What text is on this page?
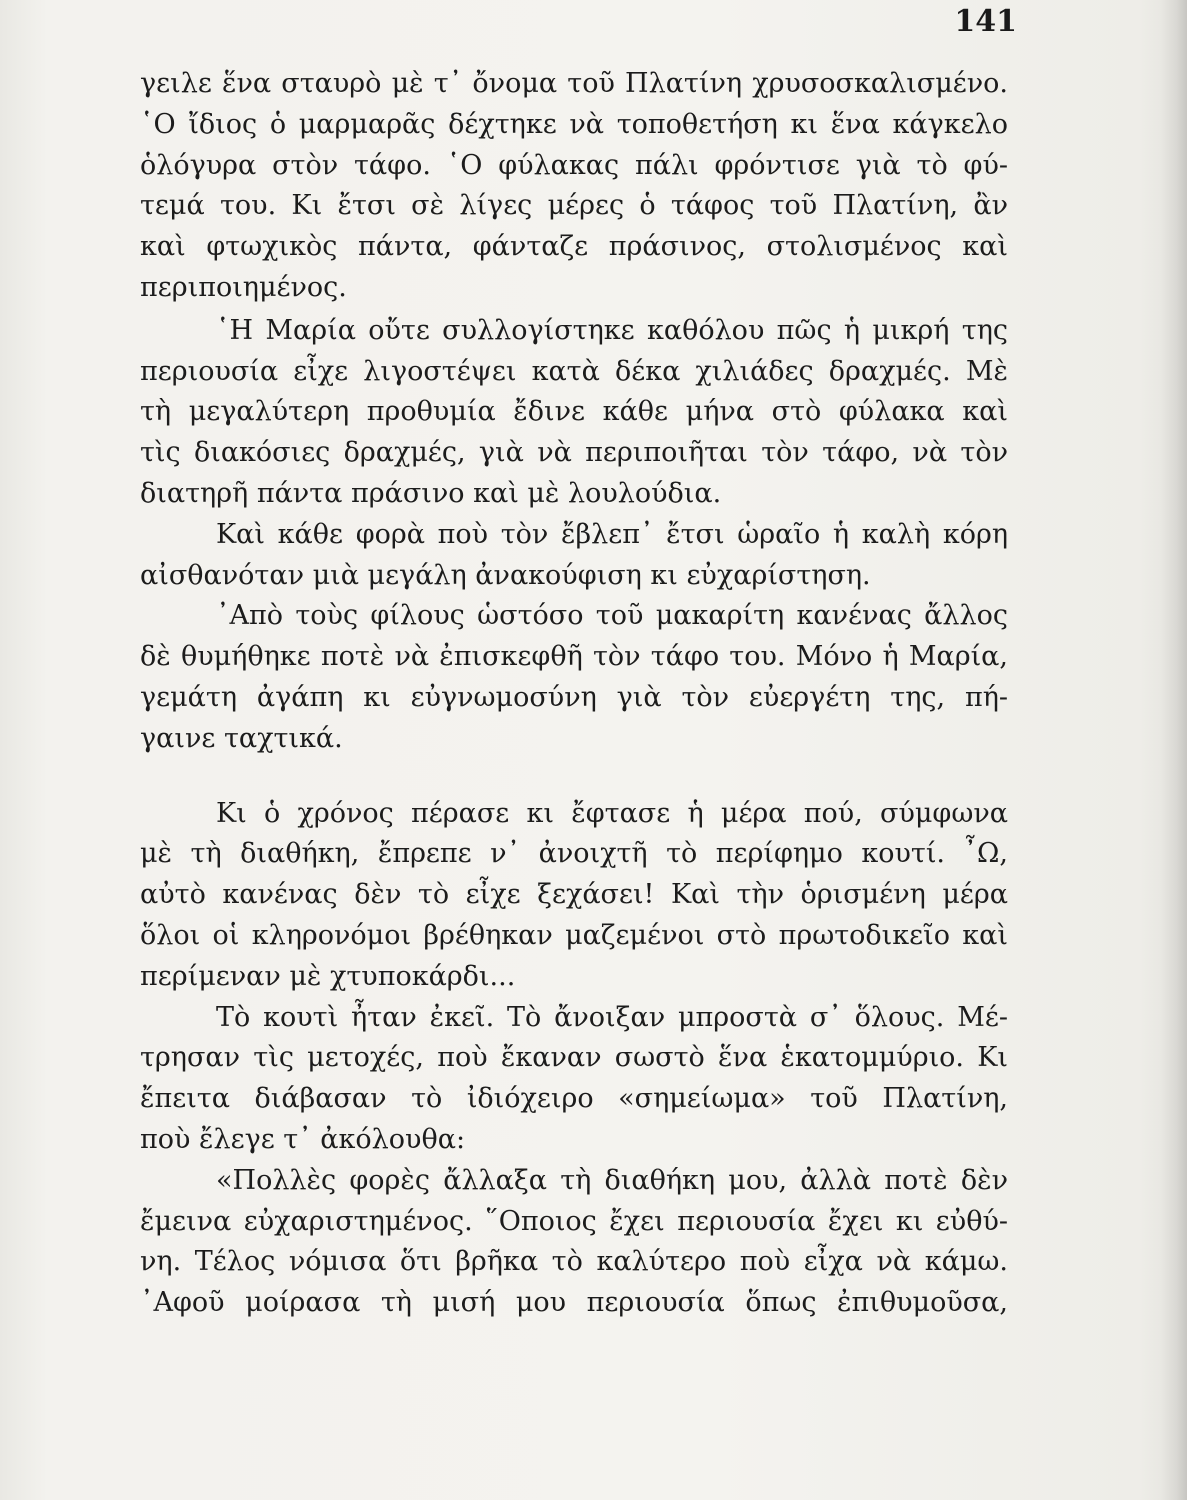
141
γειλε ἕνα σταυρὸ μὲ τ᾿ ὄνομα τοῦ Πλατίνη χρυσοσκαλισμένο.
῾Ο ἴδιος ὁ μαρμαρᾶς δέχτηκε νὰ τοποθετήση κι ἕνα κάγκελο
ὁλόγυρα στὸν τάφο. ῾Ο φύλακας πάλι φρόντισε γιὰ τὸ φύ-
τεμά του. Κι ἔτσι σὲ λίγες μέρες ὁ τάφος τοῦ Πλατίνη, ἂν
καὶ φτωχικὸς πάντα, φάνταζε πράσινος, στολισμένος καὶ
περιποιημένος.
῾Η Μαρία οὔτε συλλογίστηκε καθόλου πῶς ἡ μικρή της
περιουσία εἶχε λιγοστέψει κατὰ δέκα χιλιάδες δραχμές. Μὲ
τὴ μεγαλύτερη προθυμία ἔδινε κάθε μήνα στὸ φύλακα καὶ
τὶς διακόσιες δραχμές, γιὰ νὰ περιποιῆται τὸν τάφο, νὰ τὸν
διατηρῆ πάντα πράσινο καὶ μὲ λουλούδια.
Καὶ κάθε φορὰ ποὺ τὸν ἔβλεπ᾿ ἔτσι ὡραῖο ἡ καλὴ κόρη
αἰσθανόταν μιὰ μεγάλη ἀνακούφιση κι εὐχαρίστηση.
᾿Απὸ τοὺς φίλους ὡστόσο τοῦ μακαρίτη κανένας ἄλλος
δὲ θυμήθηκε ποτὲ νὰ ἐπισκεφθῆ τὸν τάφο του. Μόνο ἡ Μαρία,
γεμάτη ἀγάπη κι εὐγνωμοσύνη γιὰ τὸν εὐεργέτη της, πή-
γαινε ταχτικά.
Κι ὁ χρόνος πέρασε κι ἔφτασε ἡ μέρα πού, σύμφωνα
μὲ τὴ διαθήκη, ἔπρεπε ν᾿ ἀνοιχτῆ τὸ περίφημο κουτί. ῏Ω,
αὐτὸ κανένας δὲν τὸ εἶχε ξεχάσει! Καὶ τὴν ὁρισμένη μέρα
ὅλοι οἱ κληρονόμοι βρέθηκαν μαζεμένοι στὸ πρωτοδικεῖο καὶ
περίμεναν μὲ χτυποκάρδι...
Τὸ κουτὶ ἦταν ἐκεῖ. Τὸ ἄνοιξαν μπροστὰ σ᾿ ὅλους. Μέ-
τρησαν τὶς μετοχές, ποὺ ἔκαναν σωστὸ ἕνα ἑκατομμύριο. Κι
ἔπειτα διάβασαν τὸ ἰδιόχειρο «σημείωμα» τοῦ Πλατίνη,
ποὺ ἔλεγε τ᾿ ἀκόλουθα:
«Πολλὲς φορὲς ἄλλαξα τὴ διαθήκη μου, ἀλλὰ ποτὲ δὲν
ἔμεινα εὐχαριστημένος. ῞Οποιος ἔχει περιουσία ἔχει κι εὐθύ-
νη. Τέλος νόμισα ὅτι βρῆκα τὸ καλύτερο ποὺ εἶχα νὰ κάμω.
᾿Αφοῦ μοίρασα τὴ μισή μου περιουσία ὅπως ἐπιθυμοῦσα,
